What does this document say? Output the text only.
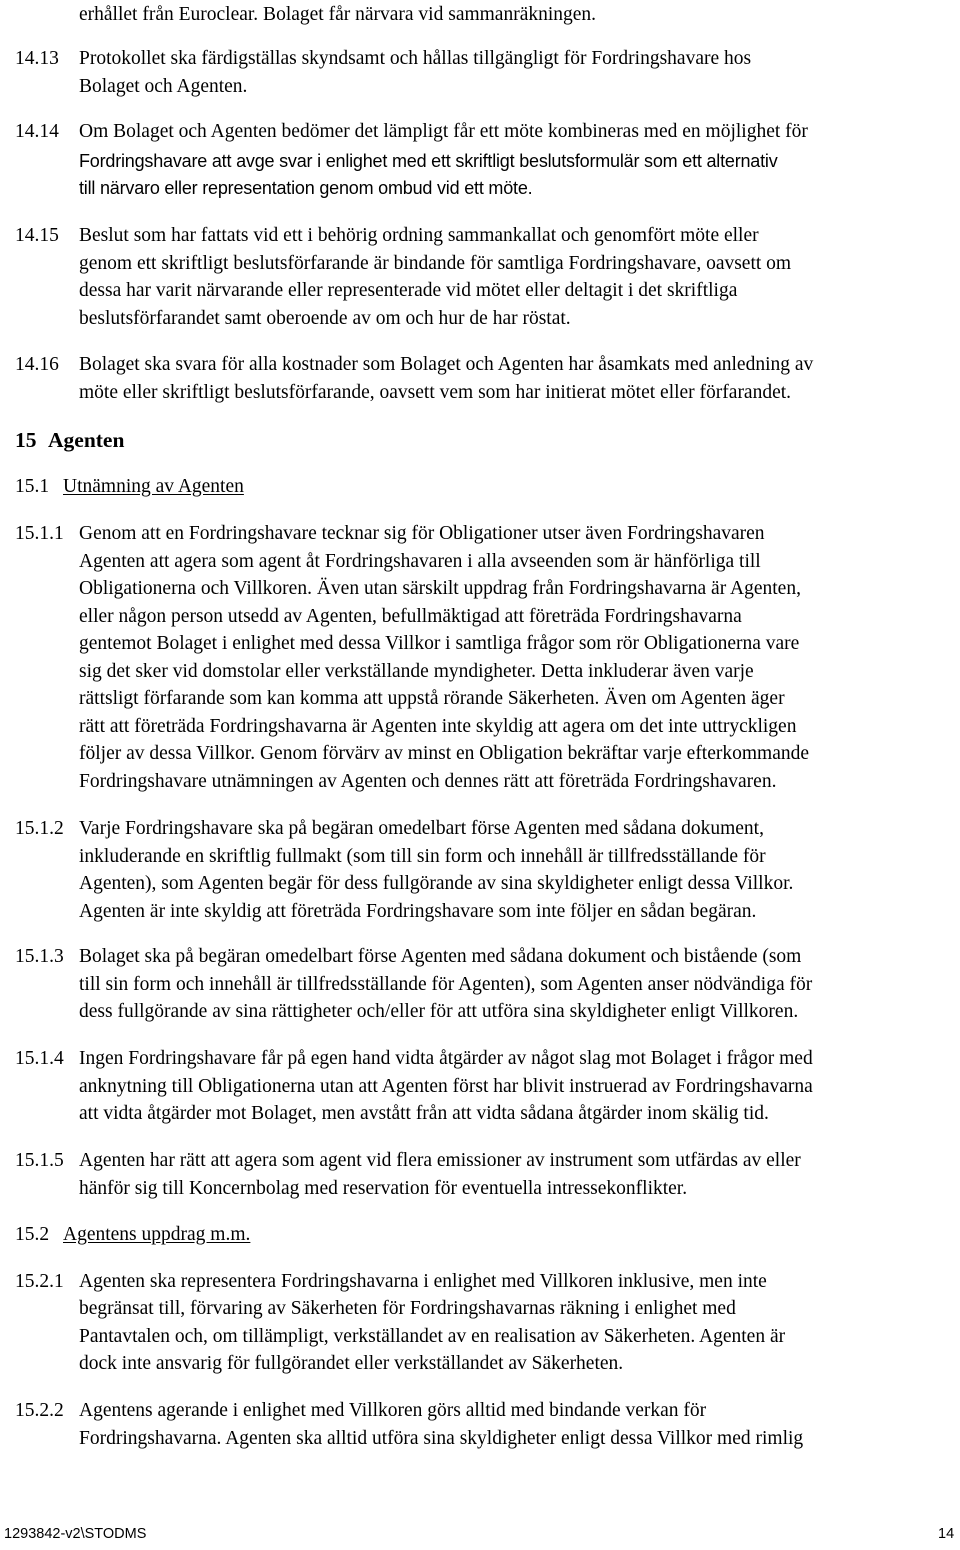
erhållet från Euroclear. Bolaget får närvara vid sammanräkningen.
14.13 Protokollet ska färdigställas skyndsamt och hållas tillgängligt för Fordringshavare hos
Bolaget och Agenten.
14.14 Om Bolaget och Agenten bedömer det lämpligt får ett möte kombineras med en möjlighet för
Fordringshavare att avge svar i enlighet med ett skriftligt beslutsformulär som ett alternativ
till närvaro eller representation genom ombud vid ett möte.
14.15 Beslut som har fattats vid ett i behörig ordning sammankallat och genomfört möte eller
genom ett skriftligt beslutsförfarande är bindande för samtliga Fordringshavare, oavsett om
dessa har varit närvarande eller representerade vid mötet eller deltagit i det skriftliga
beslutsförfarandet samt oberoende av om och hur de har röstat.
14.16 Bolaget ska svara för alla kostnader som Bolaget och Agenten har åsamkats med anledning av
möte eller skriftligt beslutsförfarande, oavsett vem som har initierat mötet eller förfarandet.
15 Agenten
15.1 Utnämning av Agenten
15.1.1 Genom att en Fordringshavare tecknar sig för Obligationer utser även Fordringshavaren
Agenten att agera som agent åt Fordringshavaren i alla avseenden som är hänförliga till
Obligationerna och Villkoren. Även utan särskilt uppdrag från Fordringshavarna är Agenten,
eller någon person utsedd av Agenten, befullmäktigad att företräda Fordringshavarna
gentemot Bolaget i enlighet med dessa Villkor i samtliga frågor som rör Obligationerna vare
sig det sker vid domstolar eller verkställande myndigheter. Detta inkluderar även varje
rättsligt förfarande som kan komma att uppstå rörande Säkerheten. Även om Agenten äger
rätt att företräda Fordringshavarna är Agenten inte skyldig att agera om det inte uttryckligen
följer av dessa Villkor. Genom förvärv av minst en Obligation bekräftar varje efterkommande
Fordringshavare utnämningen av Agenten och dennes rätt att företräda Fordringshavaren.
15.1.2 Varje Fordringshavare ska på begäran omedelbart förse Agenten med sådana dokument,
inkluderande en skriftlig fullmakt (som till sin form och innehåll är tillfredsställande för
Agenten), som Agenten begär för dess fullgörande av sina skyldigheter enligt dessa Villkor.
Agenten är inte skyldig att företräda Fordringshavare som inte följer en sådan begäran.
15.1.3 Bolaget ska på begäran omedelbart förse Agenten med sådana dokument och bistående (som
till sin form och innehåll är tillfredsställande för Agenten), som Agenten anser nödvändiga för
dess fullgörande av sina rättigheter och/eller för att utföra sina skyldigheter enligt Villkoren.
15.1.4 Ingen Fordringshavare får på egen hand vidta åtgärder av något slag mot Bolaget i frågor med
anknytning till Obligationerna utan att Agenten först har blivit instruerad av Fordringshavarna
att vidta åtgärder mot Bolaget, men avstått från att vidta sådana åtgärder inom skälig tid.
15.1.5 Agenten har rätt att agera som agent vid flera emissioner av instrument som utfärdas av eller
hänför sig till Koncernbolag med reservation för eventuella intressekonflikter.
15.2 Agentens uppdrag m.m.
15.2.1 Agenten ska representera Fordringshavarna i enlighet med Villkoren inklusive, men inte
begränsat till, förvaring av Säkerheten för Fordringshavarnas räkning i enlighet med
Pantavtalen och, om tillämpligt, verkställandet av en realisation av Säkerheten. Agenten är
dock inte ansvarig för fullgörandet eller verkställandet av Säkerheten.
15.2.2 Agentens agerande i enlighet med Villkoren görs alltid med bindande verkan för
Fordringshavarna. Agenten ska alltid utföra sina skyldigheter enligt dessa Villkor med rimlig
1293842-v2\STODMS	14
